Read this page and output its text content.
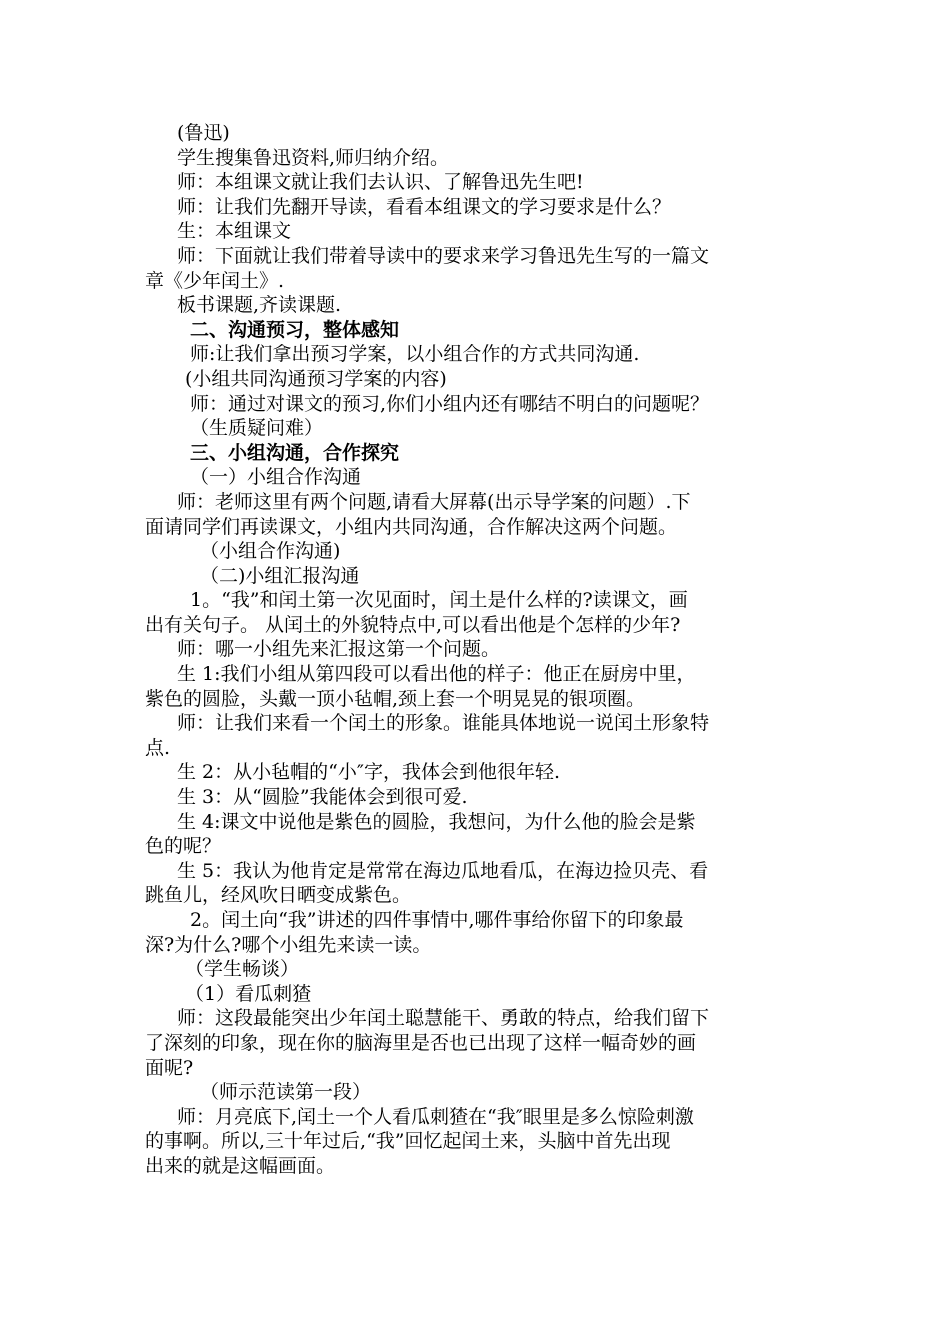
(鲁迅)
学生搜集鲁迅资料,师归纳介绍。
师：本组课文就让我们去认识、了解鲁迅先生吧!
师：让我们先翻开导读，看看本组课文的学习要求是什么？
生：本组课文
师：下面就让我们带着导读中的要求来学习鲁迅先生写的一篇文
章《少年闰土》.
板书课题,齐读课题.
二、沟通预习，整体感知
师:让我们拿出预习学案，以小组合作的方式共同沟通.
(小组共同沟通预习学案的内容)
师：通过对课文的预习,你们小组内还有哪结不明白的问题呢？
（生质疑问难）
三、小组沟通，合作探究
（一）小组合作沟通
师：老师这里有两个问题,请看大屏幕(出示导学案的问题）.下
面请同学们再读课文，小组内共同沟通，合作解决这两个问题。
（小组合作沟通)
（二)小组汇报沟通
1。“我”和闰土第一次见面时，闰土是什么样的?读课文，画
出有关句子。 从闰土的外貌特点中,可以看出他是个怎样的少年?
师：哪一小组先来汇报这第一个问题。
生 1:我们小组从第四段可以看出他的样子：他正在厨房中里，
紫色的圆脸，头戴一顶小毡帽,颈上套一个明晃晃的银项圈。
师：让我们来看一个闰土的形象。谁能具体地说一说闰土形象特
点.
生 2：从小毡帽的“小″字，我体会到他很年轻.
生 3：从“圆脸”我能体会到很可爱.
生 4:课文中说他是紫色的圆脸，我想问，为什么他的脸会是紫
色的呢？
生 5：我认为他肯定是常常在海边瓜地看瓜，在海边捡贝壳、看
跳鱼儿，经风吹日晒变成紫色。
2。闰土向“我”讲述的四件事情中,哪件事给你留下的印象最
深?为什么?哪个小组先来读一读。
（学生畅谈）
（1）看瓜刺猹
师：这段最能突出少年闰土聪慧能干、勇敢的特点，给我们留下
了深刻的印象，现在你的脑海里是否也已出现了这样一幅奇妙的画
面呢?
（师示范读第一段）
师：月亮底下,闰土一个人看瓜刺猹在“我″眼里是多么惊险刺激
的事啊。所以,三十年过后,“我”回忆起闰土来，头脑中首先出现
出来的就是这幅画面。
